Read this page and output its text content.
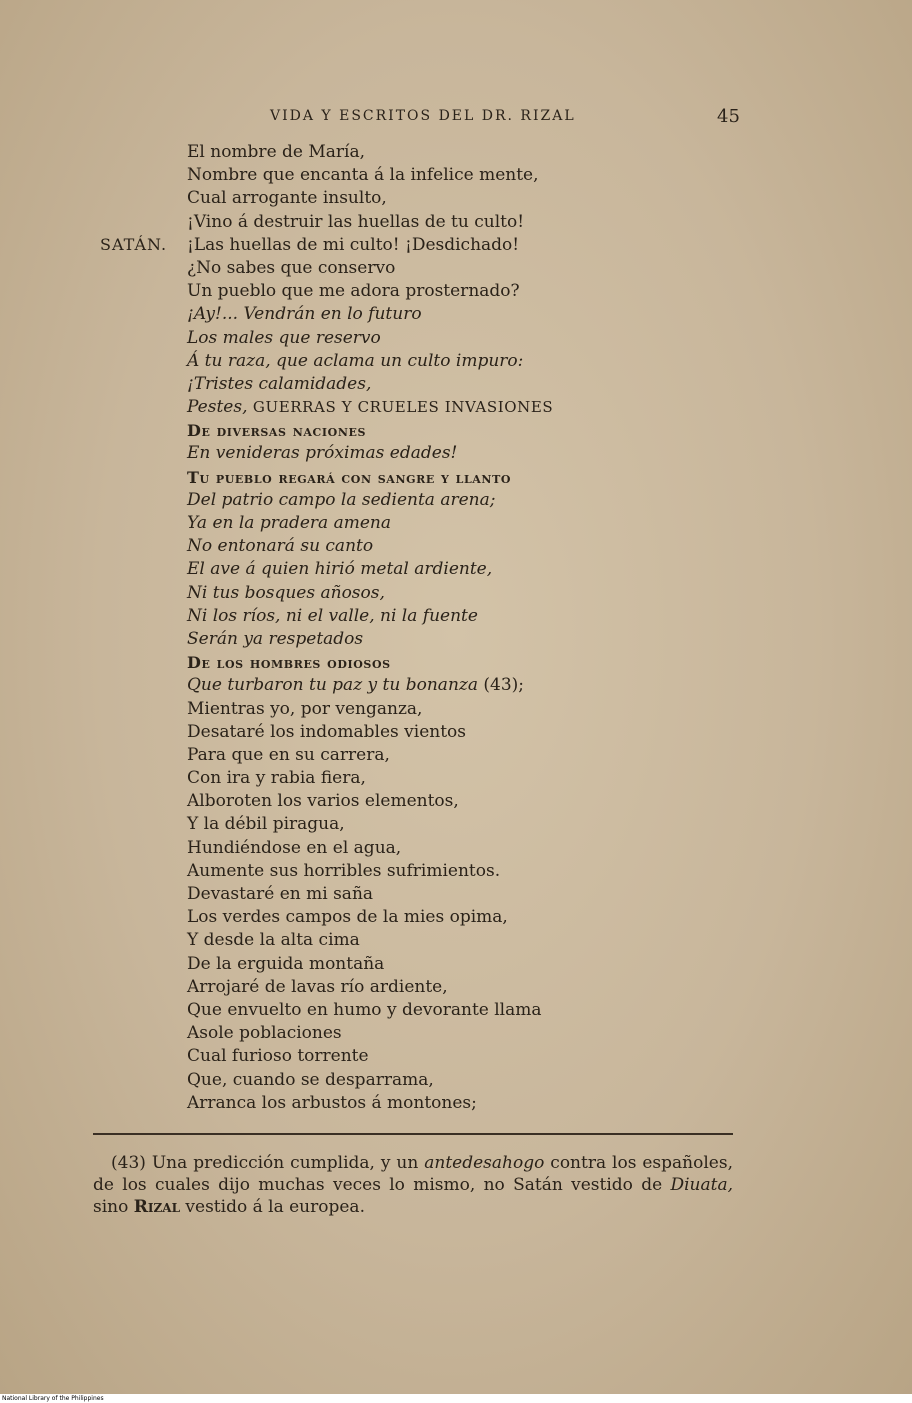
VIDA Y ESCRITOS DEL DR. RIZAL	45
SATÁN.
El nombre de María,
Nombre que encanta á la infelice mente,
Cual arrogante insulto,
¡Vino á destruir las huellas de tu culto!
¡Las huellas de mi culto! ¡Desdichado!
¿No sabes que conservo
Un pueblo que me adora prosternado?
¡Ay!... Vendrán en lo futuro
Los males que reservo
Á tu raza, que aclama un culto impuro:
¡Tristes calamidades,
Pestes, GUERRAS Y CRUELES INVASIONES
De diversas naciones
En venideras próximas edades!
Tu pueblo regará con sangre y llanto
Del patrio campo la sedienta arena;
Ya en la pradera amena
No entonará su canto
El ave á quien hirió metal ardiente,
Ni tus bosques añosos,
Ni los ríos, ni el valle, ni la fuente
Serán ya respetados
De los hombres odiosos
Que turbaron tu paz y tu bonanza (43);
Mientras yo, por venganza,
Desataré los indomables vientos
Para que en su carrera,
Con ira y rabia fiera,
Alboroten los varios elementos,
Y la débil piragua,
Hundiéndose en el agua,
Aumente sus horribles sufrimientos.
Devastaré en mi saña
Los verdes campos de la mies opima,
Y desde la alta cima
De la erguida montaña
Arrojaré de lavas río ardiente,
Que envuelto en humo y devorante llama
Asole poblaciones
Cual furioso torrente
Que, cuando se desparrama,
Arranca los arbustos á montones;

(43) Una predicción cumplida, y un antedesahogo contra los españoles, de los cuales dijo muchas veces lo mismo, no Satán vestido de Diuata, sino Rizal vestido á la europea.

National Library of the Philippines
